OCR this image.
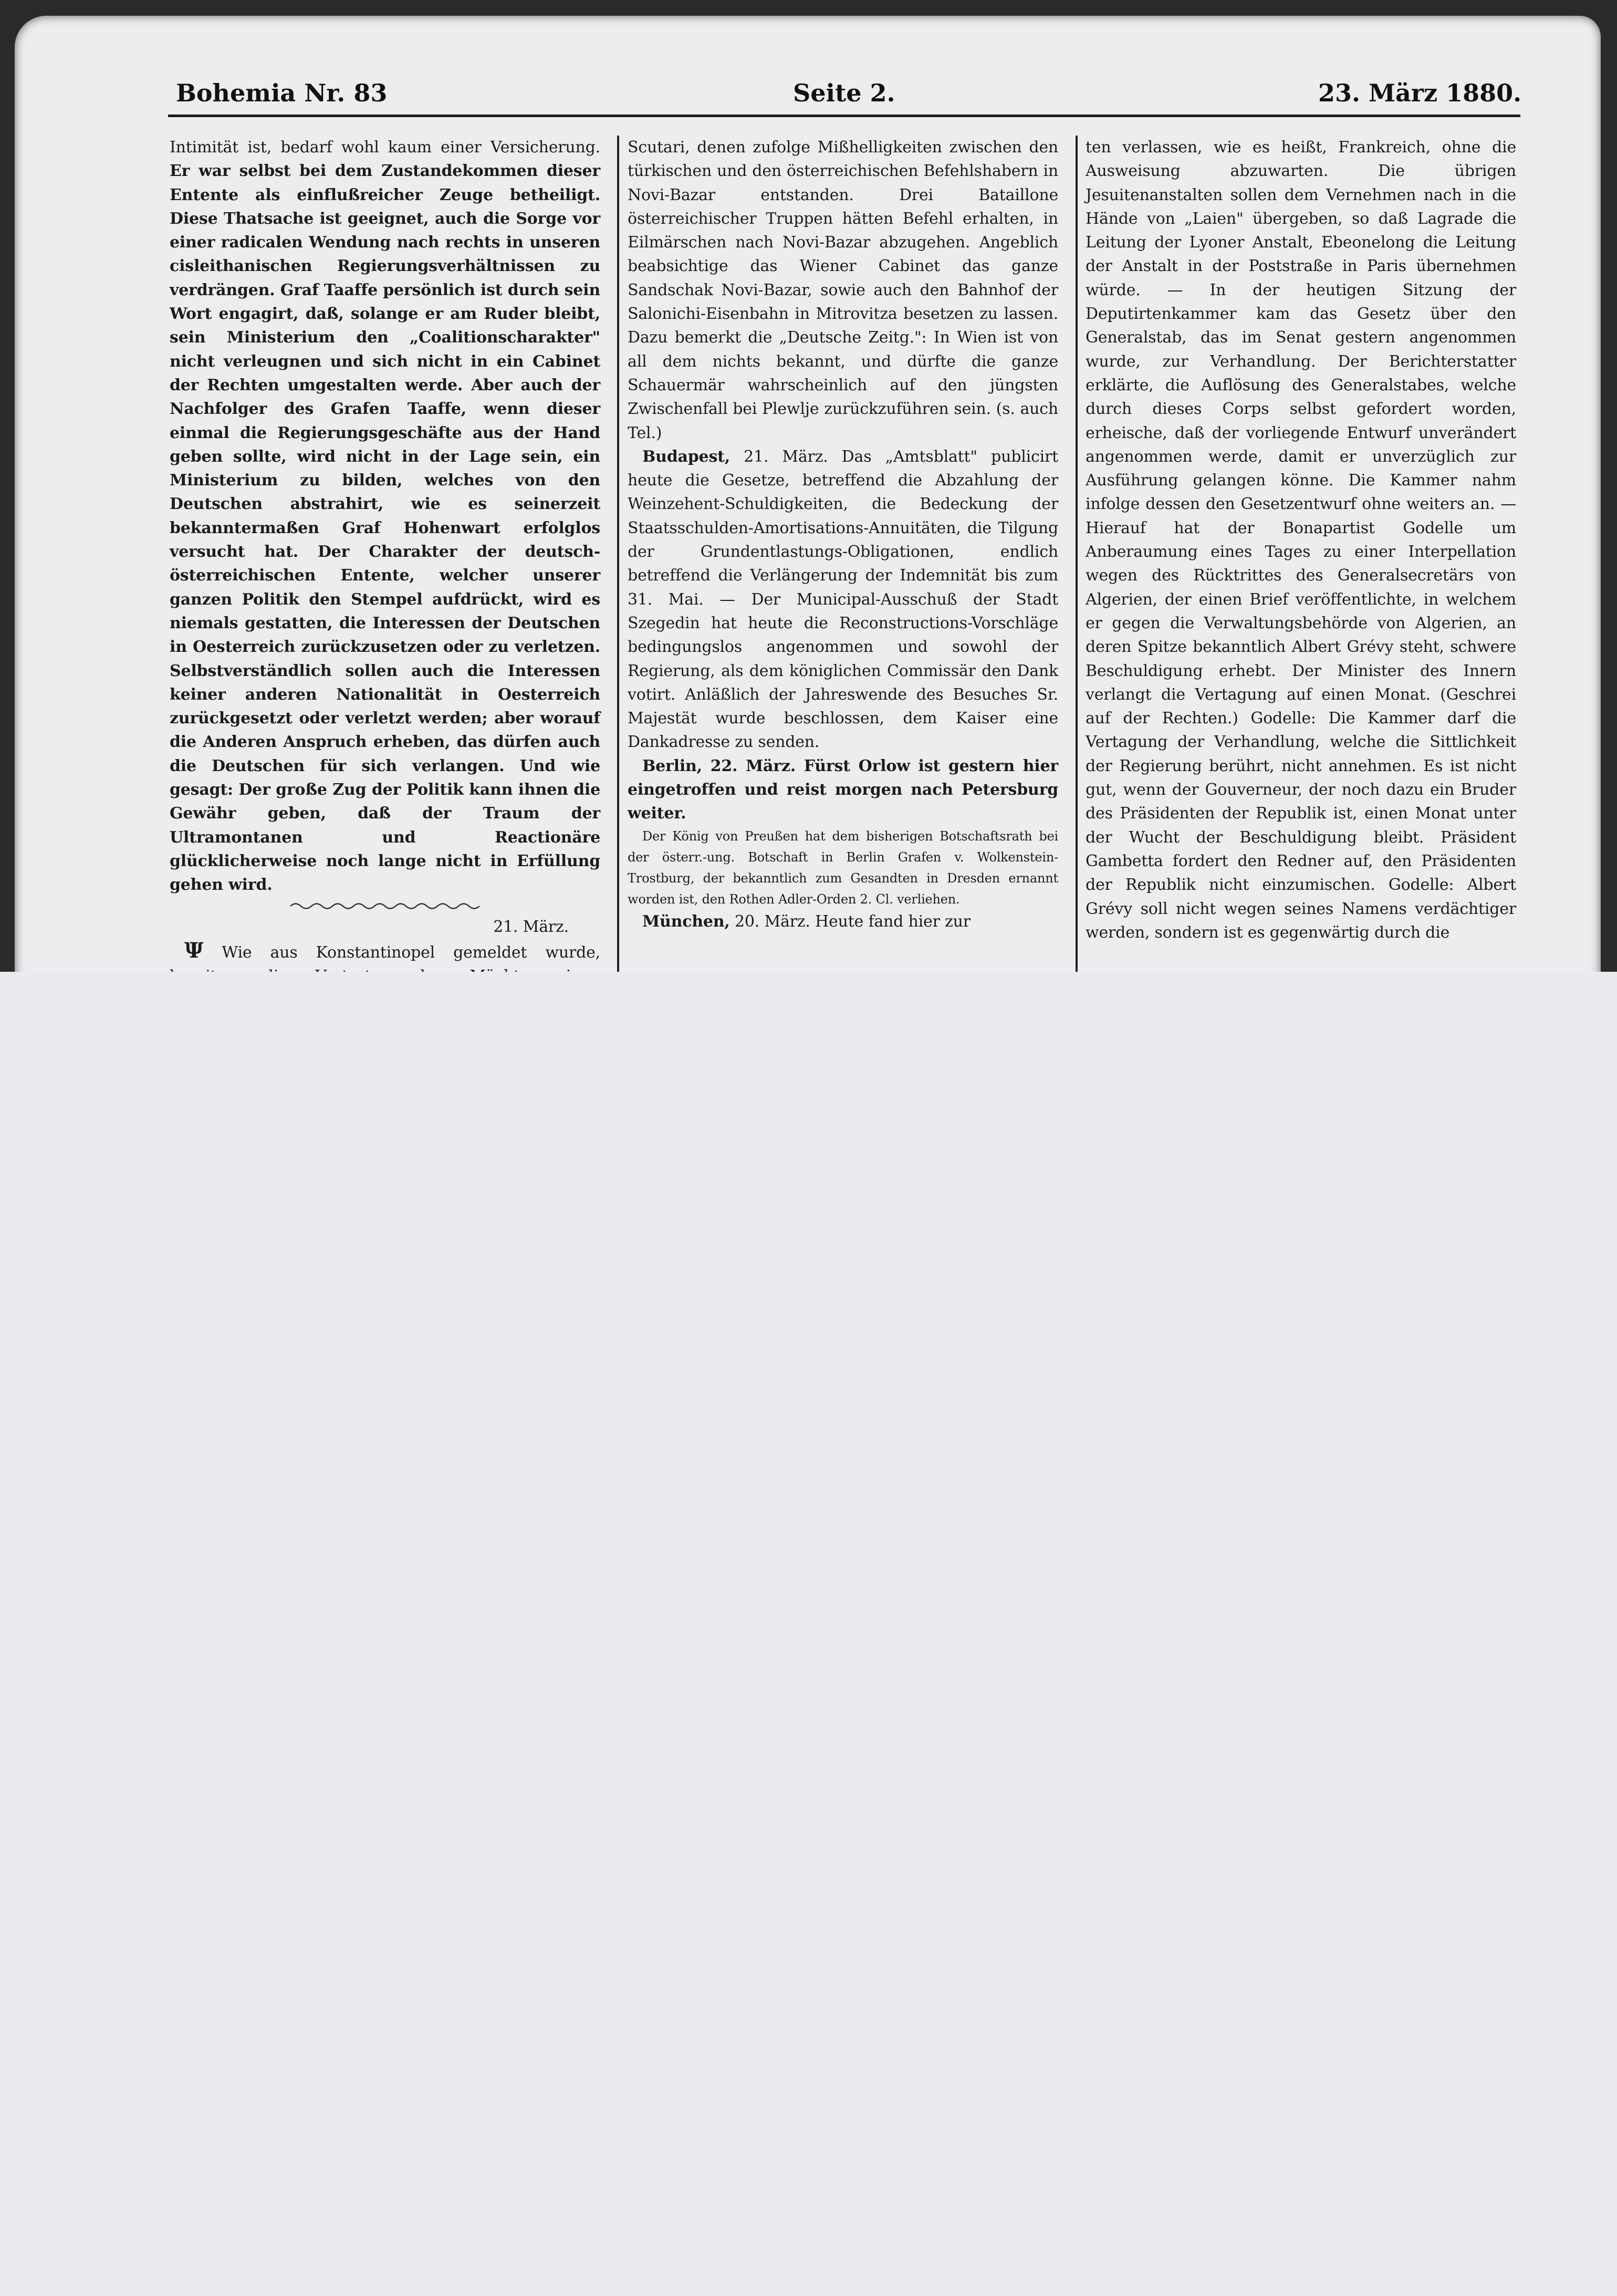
Bohemia Nr. 83	Seite 2.	23. März 1880.

Intimität ist, bedarf wohl kaum einer Versicherung. Er war selbst bei dem Zustandekommen dieser Entente als einflußreicher Zeuge betheiligt. Diese Thatsache ist geeignet, auch die Sorge vor einer radicalen Wendung nach rechts in unseren cisleithanischen Regierungsverhältnissen zu verdrängen. Graf Taaffe persönlich ist durch sein Wort engagirt, daß, solange er am Ruder bleibt, sein Ministerium den „Coalitionscharakter" nicht verleugnen und sich nicht in ein Cabinet der Rechten umgestalten werde. Aber auch der Nachfolger des Grafen Taaffe, wenn dieser einmal die Regierungsgeschäfte aus der Hand geben sollte, wird nicht in der Lage sein, ein Ministerium zu bilden, welches von den Deutschen abstrahirt, wie es seinerzeit bekanntermaßen Graf Hohenwart erfolglos versucht hat. Der Charakter der deutsch-österreichischen Entente, welcher unserer ganzen Politik den Stempel aufdrückt, wird es niemals gestatten, die Interessen der Deutschen in Oesterreich zurückzusetzen oder zu verletzen. Selbstverständlich sollen auch die Interessen keiner anderen Nationalität in Oesterreich zurückgesetzt oder verletzt werden; aber worauf die Anderen Anspruch erheben, das dürfen auch die Deutschen für sich verlangen. Und wie gesagt: Der große Zug der Politik kann ihnen die Gewähr geben, daß der Traum der Ultramontanen und Reactionäre glücklicherweise noch lange nicht in Erfüllung gehen wird.

21. März.

Ψ Wie aus Konstantinopel gemeldet wurde,

Scutari, denen zufolge Mißhelligkeiten zwischen den türkischen und den österreichischen Befehlshabern in Novi-Bazar entstanden. Drei Bataillone österreichischer Truppen hätten Befehl erhalten, in Eilmärschen nach Novi-Bazar abzugehen. Angeblich beabsichtige das Wiener Cabinet das ganze Sandschak Novi-Bazar, sowie auch den Bahnhof der Salonichi-Eisenbahn in Mitrovitza besetzen zu lassen. Dazu bemerkt die „Deutsche Zeitg.": In Wien ist von all dem nichts bekannt, und dürfte die ganze Schauermär wahrscheinlich auf den jüngsten Zwischenfall bei Plewlje zurückzuführen sein. (s. auch Tel.)

Budapest, 21. März. Das „Amtsblatt" publicirt heute die Gesetze, betreffend die Abzahlung der Weinzehent-Schuldigkeiten, die Bedeckung der Staatsschulden-Amortisations-Annuitäten, die Tilgung der Grundentlastungs-Obligationen, endlich betreffend die Verlängerung der Indemnität bis zum 31. Mai. — Der Municipal-Ausschuß der Stadt Szegedin hat heute die Reconstructions-Vorschläge bedingungslos angenommen und sowohl der Regierung, als dem königlichen Commissär den Dank votirt. Anläßlich der Jahreswende des Besuches Sr. Majestät wurde beschlossen, dem Kaiser eine Dankadresse zu senden.

Berlin, 22. März. Fürst Orlow ist gestern hier eingetroffen und reist morgen nach Petersburg weiter.

Der König von Preußen hat dem bisherigen Botschaftsrath bei der österr.-ung. Botschaft in Berlin Grafen v. Wolkenstein-Trostburg, der bekanntlich zum Gesandten in Dresden ernannt worden ist, den Rothen Adler-Orden 2. Cl. verliehen.

München, 20. März. Heute fand hier zur

ten verlassen, wie es heißt, Frankreich, ohne die Ausweisung abzuwarten. Die übrigen Jesuitenanstalten sollen dem Vernehmen nach in die Hände von „Laien" übergeben, so daß Lagrade die Leitung der Lyoner Anstalt, Ebeonelong die Leitung der Anstalt in der Poststraße in Paris übernehmen würde. — In der heutigen Sitzung der Deputirtenkammer kam das Gesetz über den Generalstab, das im Senat gestern angenommen wurde, zur Verhandlung. Der Berichterstatter erklärte, die Auflösung des Generalstabes, welche durch dieses Corps selbst gefordert worden, erheische, daß der vorliegende Entwurf unverändert angenommen werde, damit er unverzüglich zur Ausführung gelangen könne. Die Kammer nahm infolge dessen den Gesetzentwurf ohne weiters an. — Hierauf hat der Bonapartist Godelle um Anberaumung eines Tages zu einer Interpellation wegen des Rücktrittes des Generalsecretärs von Algerien, der einen Brief veröffentlichte, in welchem er gegen die Verwaltungsbehörde von Algerien, an deren Spitze bekanntlich Albert Grévy steht, schwere Beschuldigung erhebt. Der Minister des Innern verlangt die Vertagung auf einen Monat. (Geschrei auf der Rechten.) Godelle: Die Kammer darf die Vertagung der Verhandlung, welche die Sittlichkeit der Regierung berührt, nicht annehmen. Es ist nicht gut, wenn der Gouverneur, der noch dazu ein Bruder des Präsidenten der Republik ist, einen Monat unter der Wucht der Beschuldigung bleibt. Präsident Gambetta fordert den Redner auf, den Präsidenten der Republik nicht einzumischen. Godelle: Albert Grévy soll nicht wegen seines Namens verdächtiger werden, sondern ist es gegenwärtig durch die
